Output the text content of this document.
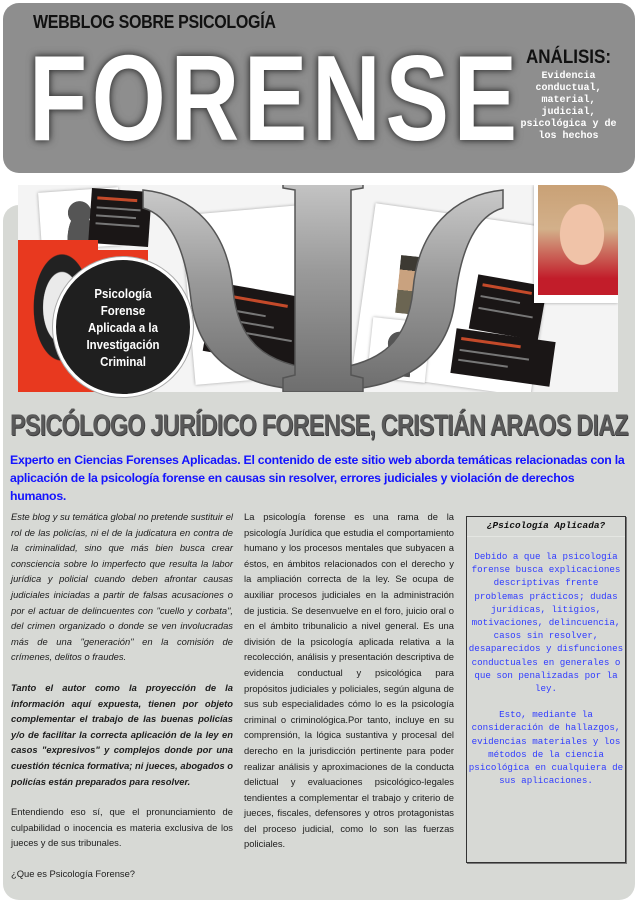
WEBBLOG SOBRE PSICOLOGÍA
FORENSE ANÁLISIS:
Evidencia
conductual,
material,
judicial,
psicológica y de
los hechos
Psicología Forense
Aplicada a la
Investigación
Criminal
PSICÓLOGO JURÍDICO FORENSE, CRISTIÁN ARAOS DIAZ
Experto en Ciencias Forenses Aplicadas. El contenido de este sitio web aborda temáticas relacionadas con la aplicación de la psicología forense en causas sin resolver, errores judiciales y violación de derechos humanos.

Este blog y su temática global no pretende sustituir el rol de las policías, ni el de la judicatura en contra de la criminalidad, sino que más bien busca crear consciencia sobre lo imperfecto que resulta la labor jurídica y policial cuando deben afrontar causas judiciales iniciadas a partir de falsas acusaciones o por el actuar de delincuentes con "cuello y corbata", del crimen organizado o donde se ven involucradas más de una "generación" en la comisión de crímenes, delitos o fraudes.

Tanto el autor como la proyección de la información aquí expuesta, tienen por objeto complementar el trabajo de las buenas policías y/o de facilitar la correcta aplicación de la ley en casos "expresivos" y complejos donde por una cuestión técnica formativa; ni jueces, abogados o policías están preparados para resolver.

Entendiendo eso sí, que el pronunciamiento de culpabilidad o inocencia es materia exclusiva de los jueces y de sus tribunales.

¿Que es Psicología Forense?

La psicología forense es una rama de la psicología Jurídica que estudia el comportamiento humano y los procesos mentales que subyacen a éstos, en ámbitos relacionados con el derecho y la ampliación correcta de la ley. Se ocupa de auxiliar procesos judiciales en la administración de justicia. Se desenvuelve en el foro, juicio oral o en el ámbito tribunalicio a nivel general. Es una división de la psicología aplicada relativa a la recolección, análisis y presentación descriptiva de evidencia conductual y psicológica para propósitos judiciales y policiales, según alguna de sus sub especialidades cómo lo es la psicología criminal o criminológica.Por tanto, incluye en su comprensión, la lógica sustantiva y procesal del derecho en la jurisdicción pertinente para poder realizar análisis y aproximaciones de la conducta delictual y evaluaciones psicológico-legales tendientes a complementar el trabajo y criterio de jueces, fiscales, defensores y otros protagonistas del proceso judicial, como lo son las fuerzas policiales.

¿Psicología Aplicada?

Debido a que la psicología forense busca explicaciones descriptivas frente problemas prácticos; dudas jurídicas, litigios, motivaciones, delincuencia, casos sin resolver, desaparecidos y disfunciones conductuales en generales o que son penalizadas por la ley.

Esto, mediante la consideración de hallazgos, evidencias materiales y los métodos de la ciencia psicológica en cualquiera de sus aplicaciones.
